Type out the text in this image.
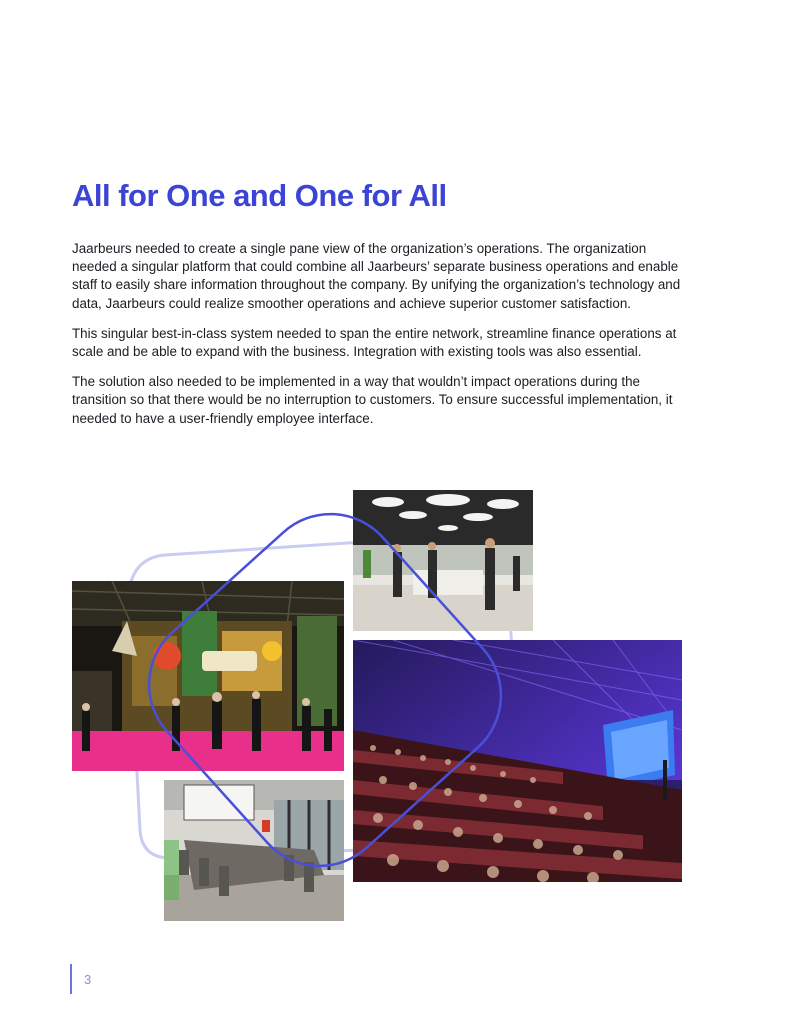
All for One and One for All

Jaarbeurs needed to create a single pane view of the organization’s operations. The organization needed a singular platform that could combine all Jaarbeurs’ separate business operations and enable staff to easily share information throughout the company. By unifying the organization’s technology and data, Jaarbeurs could realize smoother operations and achieve superior customer satisfaction.

This singular best-in-class system needed to span the entire network, streamline finance operations at scale and be able to expand with the business. Integration with existing tools was also essential.

The solution also needed to be implemented in a way that wouldn’t impact operations during the transition so that there would be no interruption to customers. To ensure successful implementation, it needed to have a user-friendly employee interface.

3
